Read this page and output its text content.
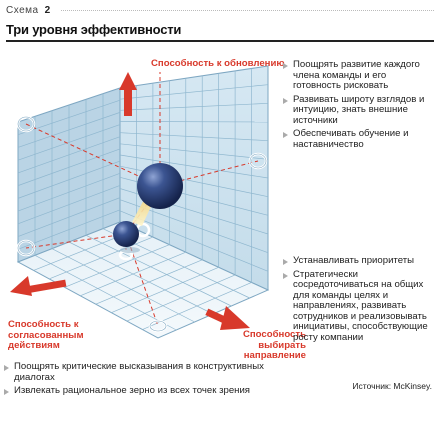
Схема 2
Три уровня эффективности
Способность к обновлению
Способность к согласованным действиям
Способность выбирать направление
Поощрять развитие каждого члена команды и его готовность рисковать
Развивать широту взглядов и интуицию, знать внешние источники
Обеспечивать обучение и наставничество
Устанавливать приоритеты
Стратегически сосредоточиваться на общих для команды целях и направлениях, развивать сотрудников и реализовывать инициативы, способствующие росту компании
Поощрять критические высказывания в конструктивных диалогах
Извлекать рациональное зерно из всех точек зрения	Источник: McKinsey.
